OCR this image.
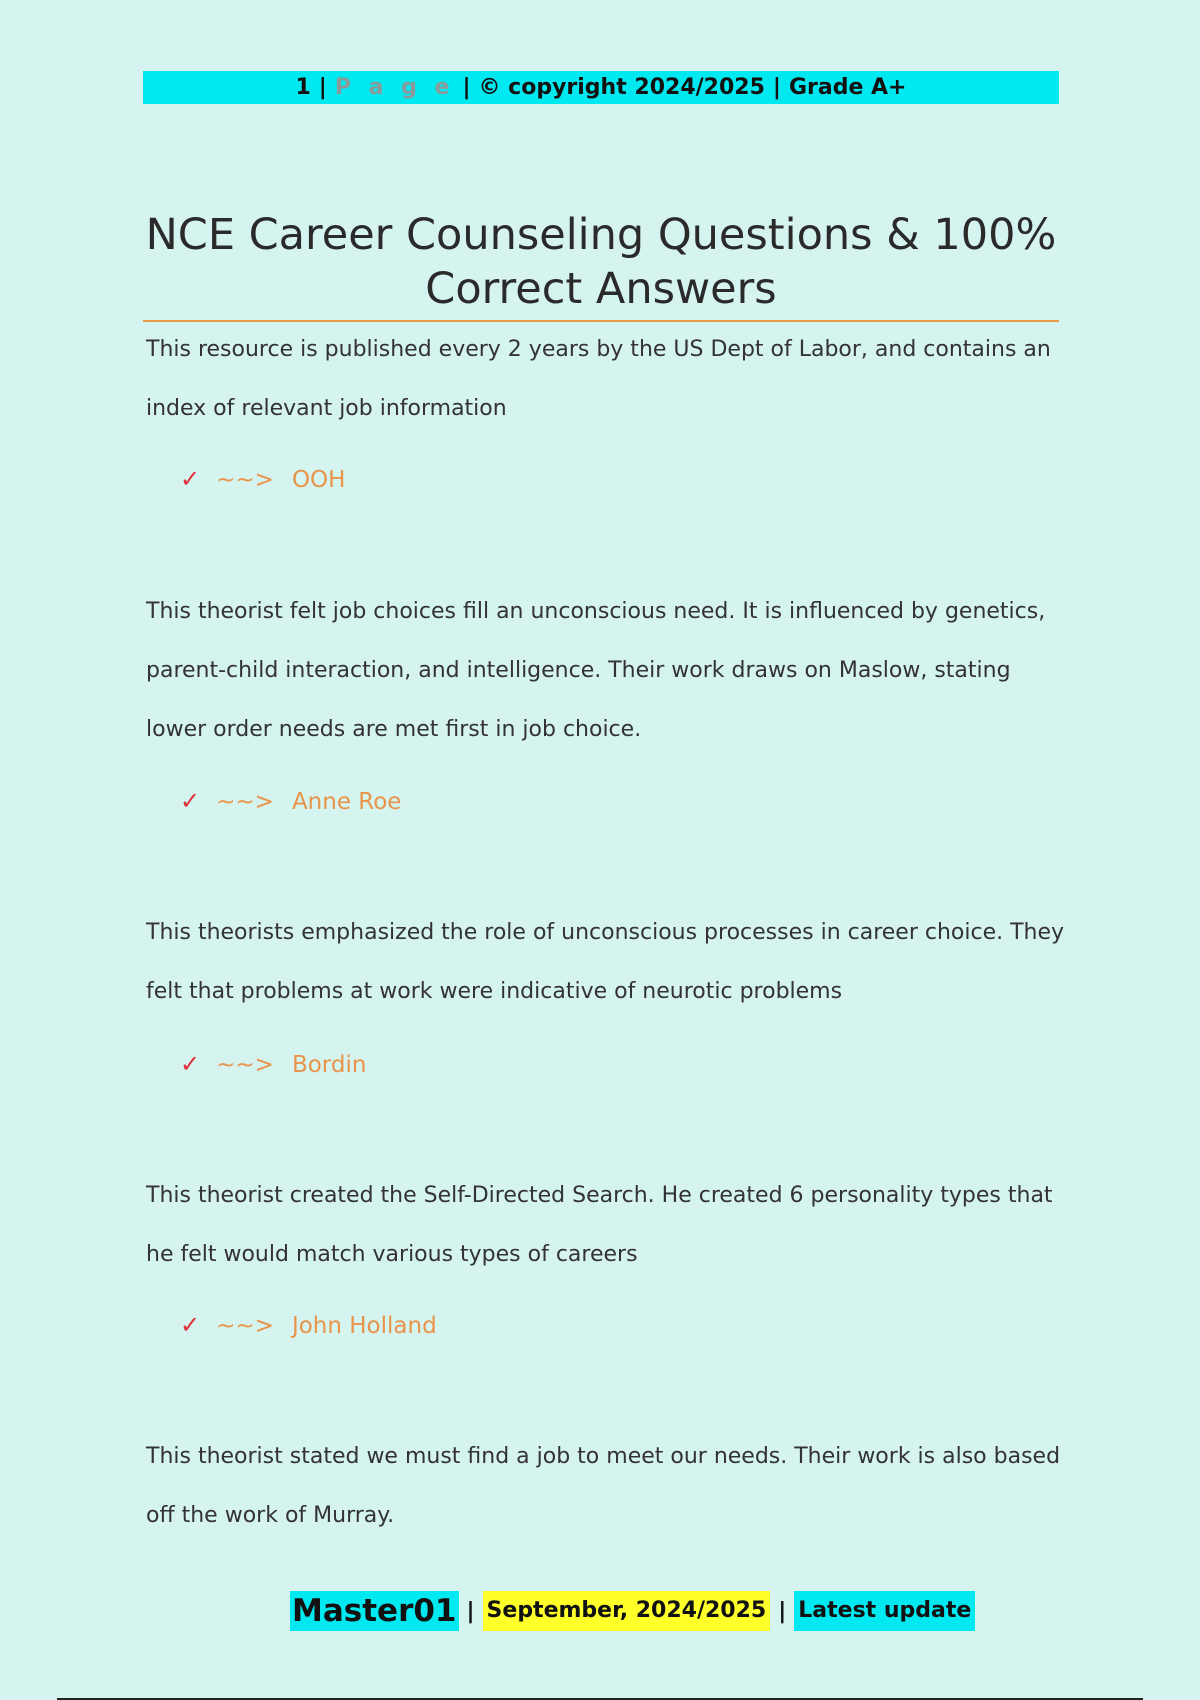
1 | P a g e | © copyright 2024/2025 | Grade A+
NCE Career Counseling Questions & 100%
Correct Answers
This resource is published every 2 years by the US Dept of Labor, and contains an index of relevant job information
✓ ~~> OOH
This theorist felt job choices fill an unconscious need. It is influenced by genetics, parent-child interaction, and intelligence. Their work draws on Maslow, stating lower order needs are met first in job choice.
✓ ~~> Anne Roe
This theorists emphasized the role of unconscious processes in career choice. They felt that problems at work were indicative of neurotic problems
✓ ~~> Bordin
This theorist created the Self-Directed Search. He created 6 personality types that he felt would match various types of careers
✓ ~~> John Holland
This theorist stated we must find a job to meet our needs. Their work is also based off the work of Murray.
Master01 | September, 2024/2025 | Latest update
